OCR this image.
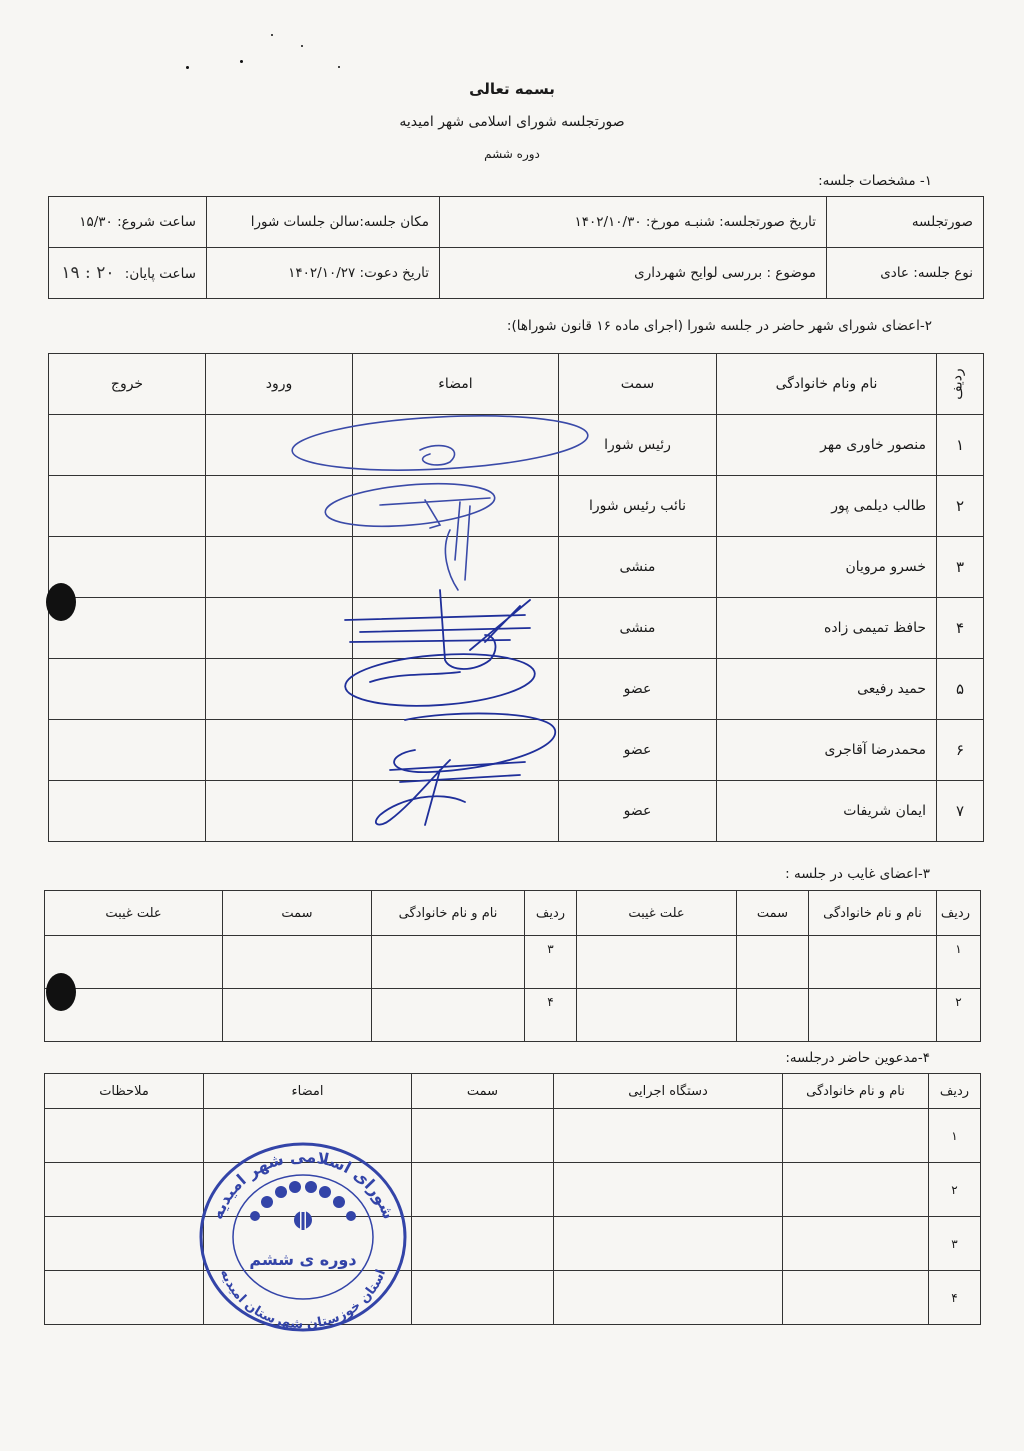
بسمه تعالی
صورتجلسه شورای اسلامی شهر امیدیه
دوره ششم
۱- مشخصات جلسه:
صورتجلسه	تاریخ صورتجلسه: شنبـه مورخ: ۱۴۰۲/۱۰/۳۰	مکان جلسه:سالن جلسات شورا	ساعت شروع: ۱۵/۳۰
نوع جلسه: عادی	موضوع : بررسی لوایح شهرداری	تاریخ دعوت: ۱۴۰۲/۱۰/۲۷	ساعت پایان: ۲۰ : ۱۹
۲-اعضای شورای شهر حاضر در جلسه شورا (اجرای ماده ۱۶ قانون شوراها):
ردیف	نام ونام خانوادگی	سمت	امضاء	ورود	خروج
۱	منصور خاوری مهر	رئیس شورا			
۲	طالب دیلمی پور	نائب رئیس شورا			
۳	خسرو مرویان	منشی			
۴	حافظ تمیمی زاده	منشی			
۵	حمید رفیعی	عضو			
۶	محمدرضا آقاجری	عضو			
۷	ایمان شریفات	عضو			
۳-اعضای غایب در جلسه :
ردیف	نام و نام خانوادگی	سمت	علت غیبت	ردیف	نام و نام خانوادگی	سمت	علت غیبت
۱				۳			
۲				۴			
۴-مدعوین حاضر درجلسه:
ردیف	نام و نام خانوادگی	دستگاه اجرایی	سمت	امضاء	ملاحظات
۱					
۲					
۳					
۴					
شورای اسلامی شهر امیدیه
استان خوزستان شهرستان امیدیه
دوره ی ششم
